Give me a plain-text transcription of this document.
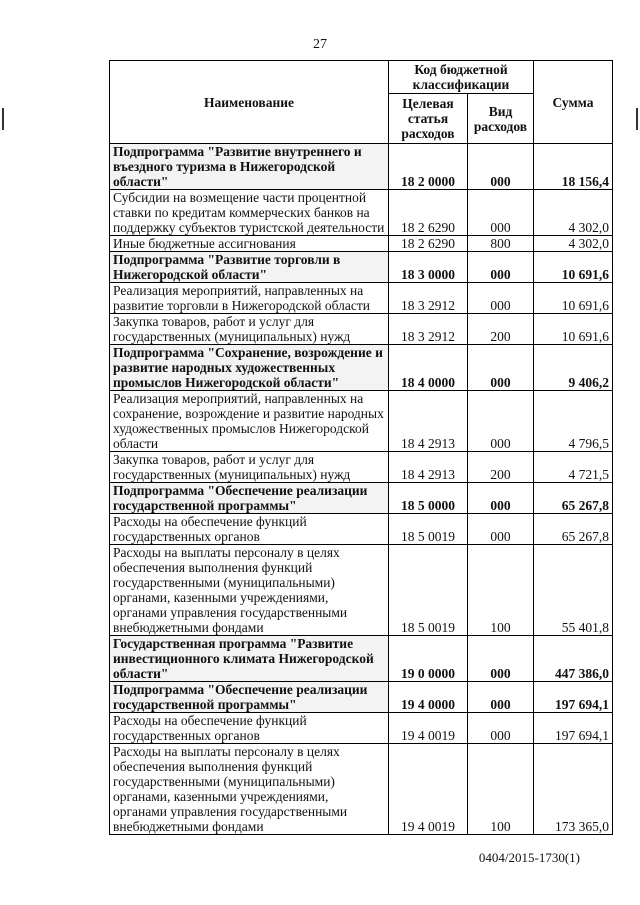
27
Наименование	Код бюджетной классификации		Сумма
	Целевая статья расходов	Вид расходов	
Подпрограмма "Развитие внутреннего и въездного туризма в Нижегородской области"	18 2 0000	000	18 156,4
Субсидии на возмещение части процентной ставки по кредитам коммерческих банков на поддержку субъектов туристской деятельности	18 2 6290	000	4 302,0
Иные бюджетные ассигнования	18 2 6290	800	4 302,0
Подпрограмма "Развитие торговли в Нижегородской области"	18 3 0000	000	10 691,6
Реализация мероприятий, направленных на развитие торговли в Нижегородской области	18 3 2912	000	10 691,6
Закупка товаров, работ и услуг для государственных (муниципальных) нужд	18 3 2912	200	10 691,6
Подпрограмма "Сохранение, возрождение и развитие народных художественных промыслов Нижегородской области"	18 4 0000	000	9 406,2
Реализация мероприятий, направленных на сохранение, возрождение и развитие народных художественных промыслов Нижегородской области	18 4 2913	000	4 796,5
Закупка товаров, работ и услуг для государственных (муниципальных) нужд	18 4 2913	200	4 721,5
Подпрограмма "Обеспечение реализации государственной программы"	18 5 0000	000	65 267,8
Расходы на обеспечение функций государственных органов	18 5 0019	000	65 267,8
Расходы на выплаты персоналу в целях обеспечения выполнения функций государственными (муниципальными) органами, казенными учреждениями, органами управления государственными внебюджетными фондами	18 5 0019	100	55 401,8
Государственная программа "Развитие инвестиционного климата Нижегородской области"	19 0 0000	000	447 386,0
Подпрограмма "Обеспечение реализации государственной программы"	19 4 0000	000	197 694,1
Расходы на обеспечение функций государственных органов	19 4 0019	000	197 694,1
Расходы на выплаты персоналу в целях обеспечения выполнения функций государственными (муниципальными) органами, казенными учреждениями, органами управления государственными внебюджетными фондами	19 4 0019	100	173 365,0
0404/2015-1730(1)
